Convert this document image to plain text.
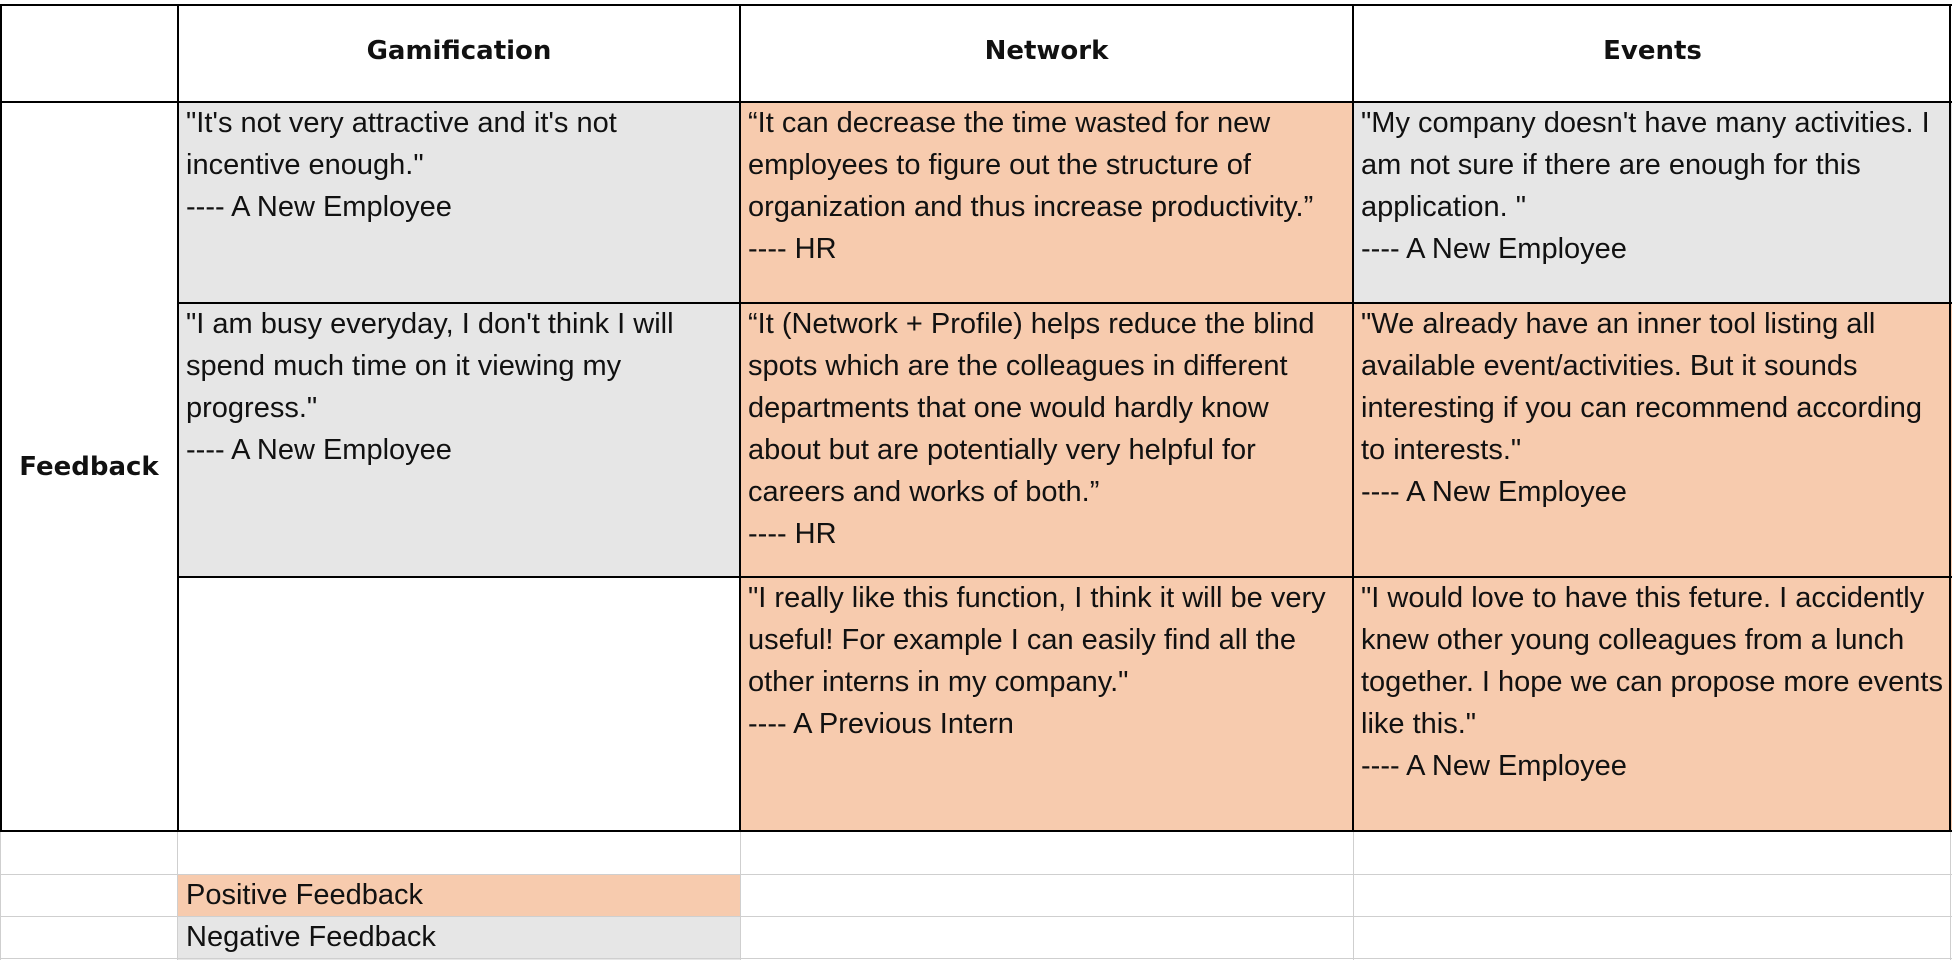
Gamification	Network	Events
Feedback
"It's not very attractive and it's not incentive enough."
---- A New Employee
“It can decrease the time wasted for new employees to figure out the structure of organization and thus increase productivity.”
---- HR
"My company doesn't have many activities. I am not sure if there are enough for this application. "
---- A New Employee
"I am busy everyday, I don't think I will spend much time on it viewing my progress."
---- A New Employee
“It (Network + Profile) helps reduce the blind spots which are the colleagues in different departments that one would hardly know about but are potentially very helpful for careers and works of both.”
---- HR
"We already have an inner tool listing all available event/activities. But it sounds interesting if you can recommend according to interests."
---- A New Employee
"I really like this function, I think it will be very useful! For example I can easily find all the other interns in my company."
---- A Previous Intern
"I would love to have this feture. I accidently knew other young colleagues from a lunch together. I hope we can propose more events like this."
---- A New Employee
Positive Feedback
Negative Feedback
